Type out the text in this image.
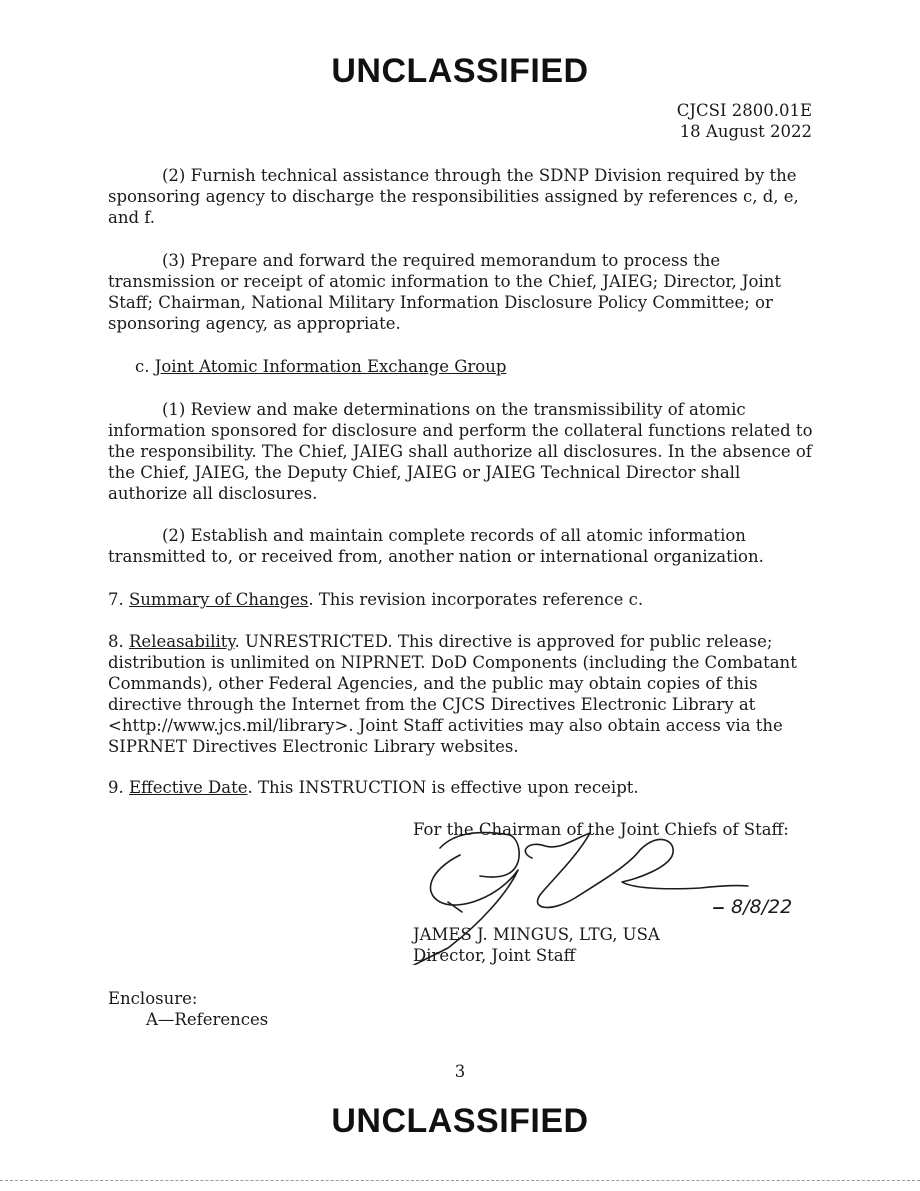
UNCLASSIFIED
CJCSI 2800.01E
18 August 2022

(2) Furnish technical assistance through the SDNP Division required by the sponsoring agency to discharge the responsibilities assigned by references c, d, e, and f.

(3) Prepare and forward the required memorandum to process the transmission or receipt of atomic information to the Chief, JAIEG; Director, Joint Staff; Chairman, National Military Information Disclosure Policy Committee; or sponsoring agency, as appropriate.

c. Joint Atomic Information Exchange Group

(1) Review and make determinations on the transmissibility of atomic information sponsored for disclosure and perform the collateral functions related to the responsibility. The Chief, JAIEG shall authorize all disclosures. In the absence of the Chief, JAIEG, the Deputy Chief, JAIEG or JAIEG Technical Director shall authorize all disclosures.

(2) Establish and maintain complete records of all atomic information transmitted to, or received from, another nation or international organization.

7. Summary of Changes. This revision incorporates reference c.

8. Releasability. UNRESTRICTED. This directive is approved for public release; distribution is unlimited on NIPRNET. DoD Components (including the Combatant Commands), other Federal Agencies, and the public may obtain copies of this directive through the Internet from the CJCS Directives Electronic Library at <http://www.jcs.mil/library>. Joint Staff activities may also obtain access via the SIPRNET Directives Electronic Library websites.

9. Effective Date. This INSTRUCTION is effective upon receipt.

For the Chairman of the Joint Chiefs of Staff:
– 8/8/22
JAMES J. MINGUS, LTG, USA
Director, Joint Staff
Enclosure:
A—References
3
UNCLASSIFIED
